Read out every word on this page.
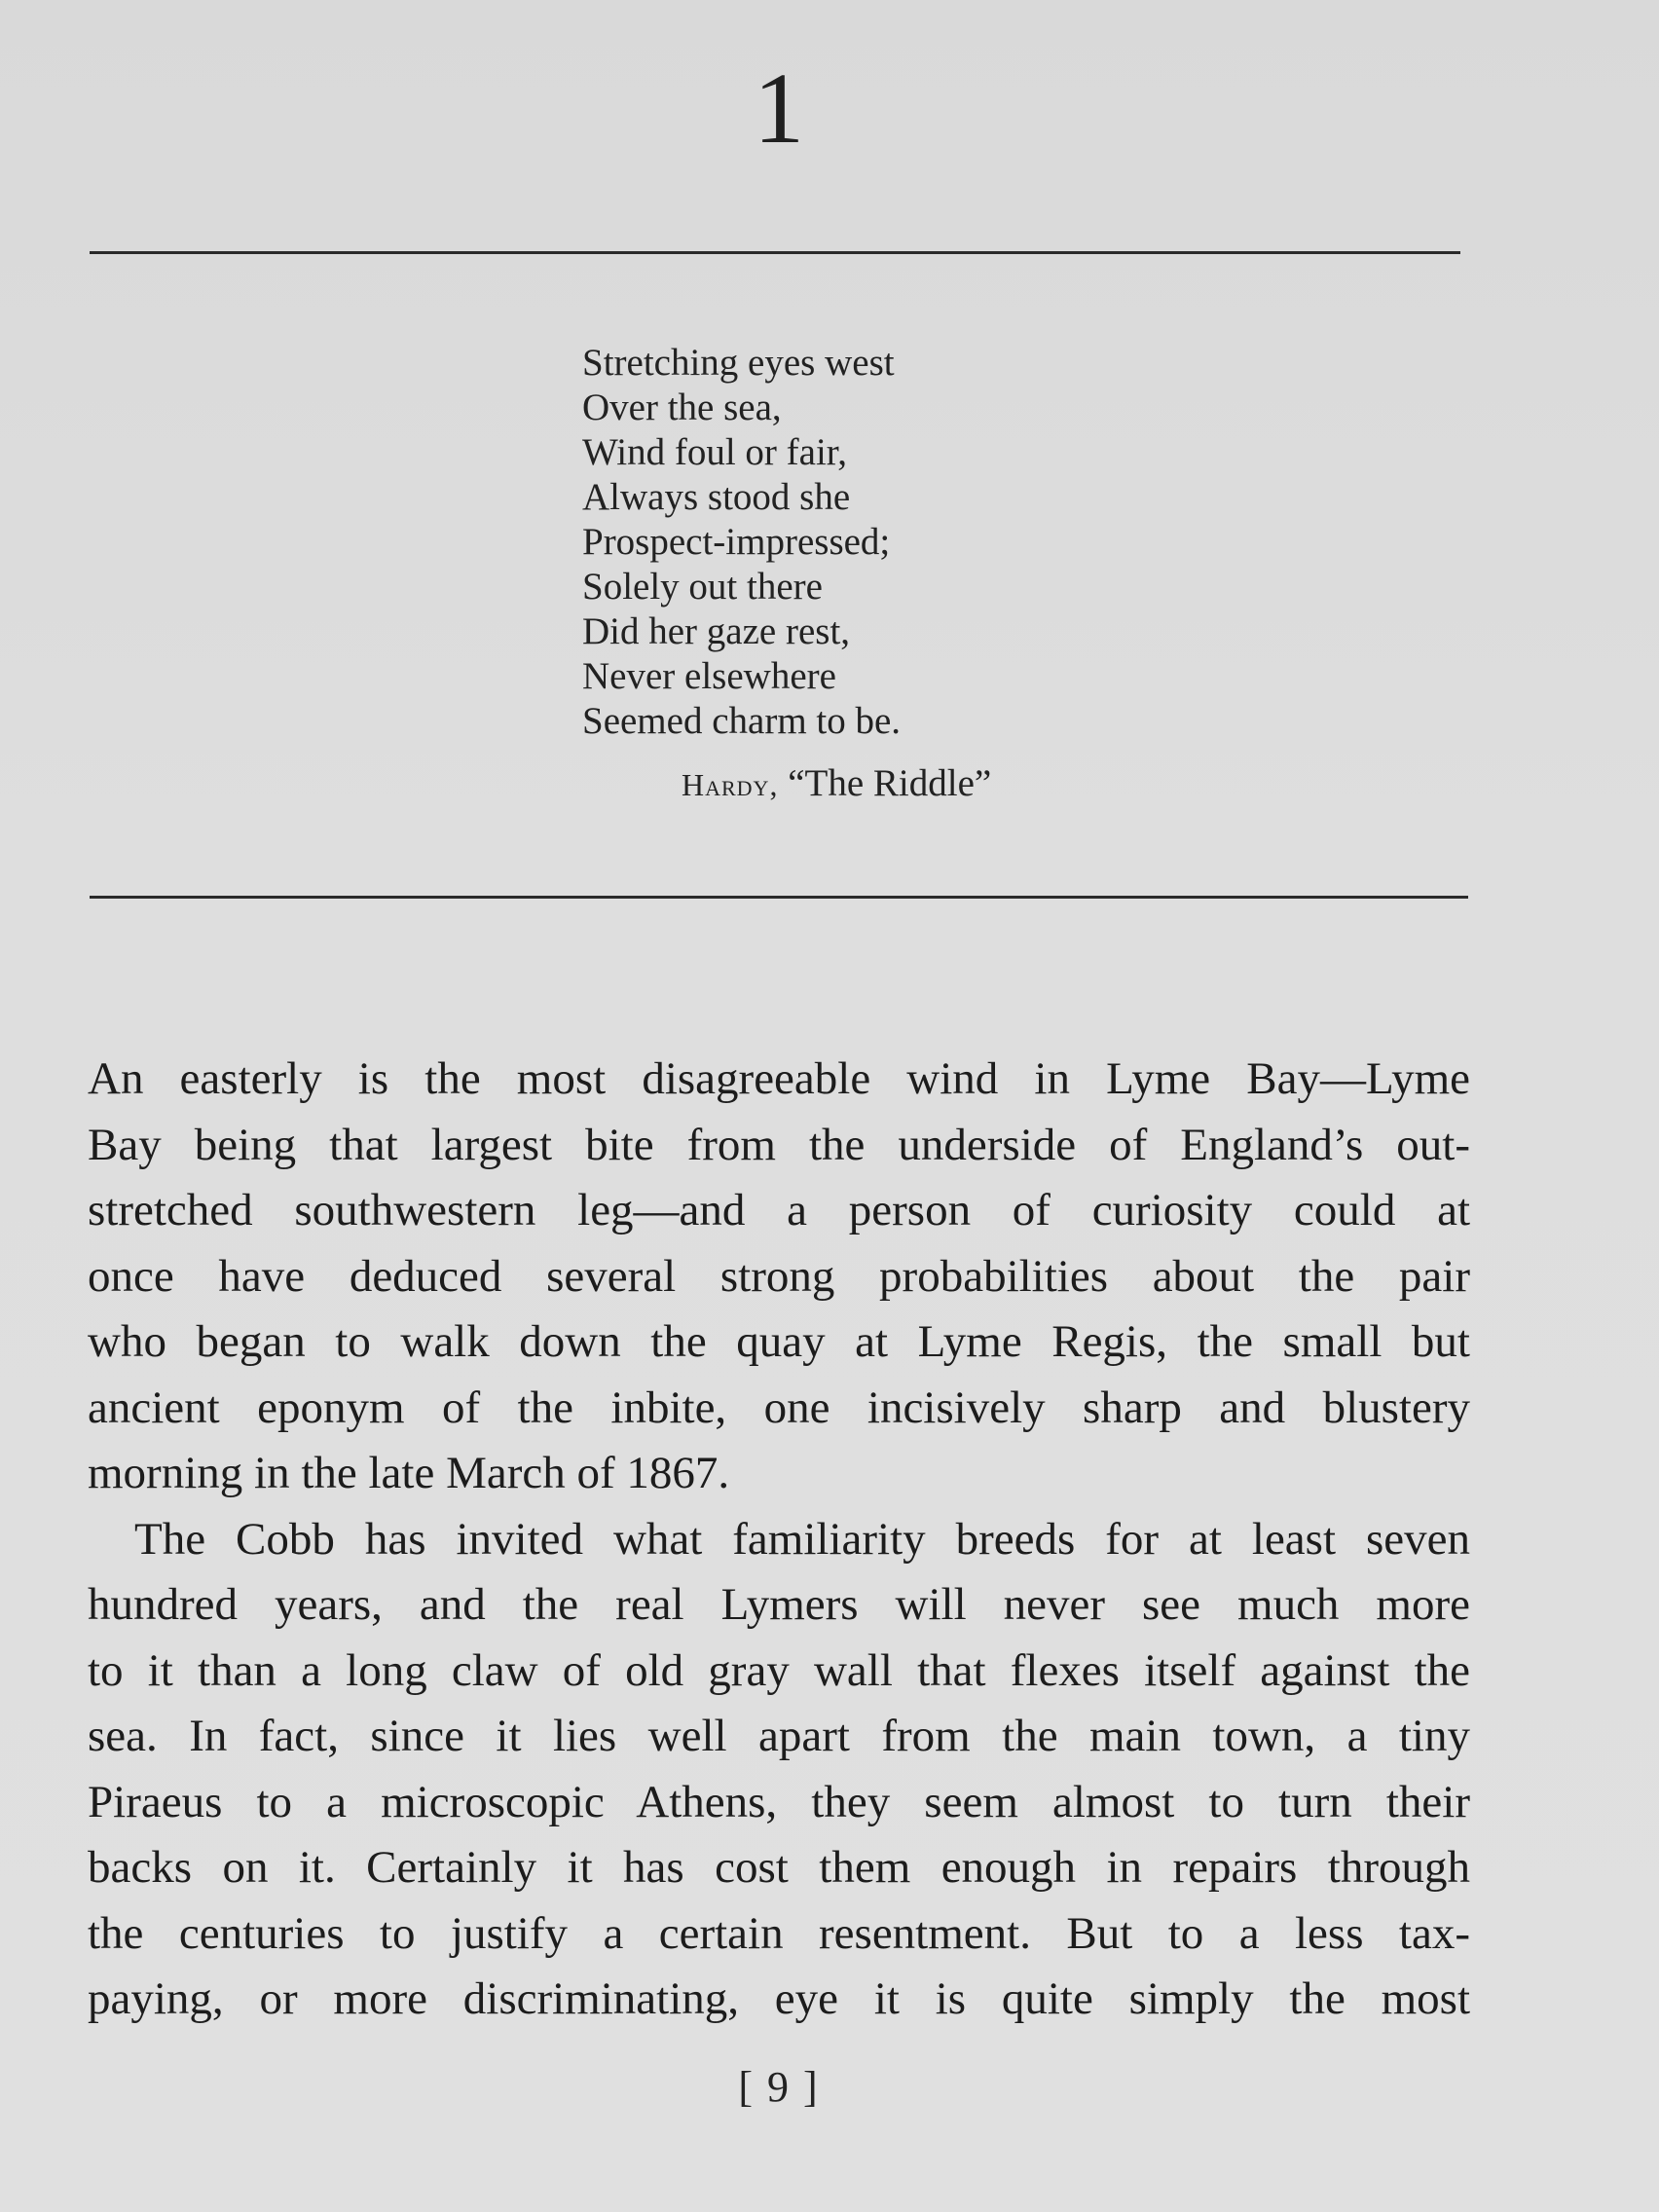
1
Stretching eyes west
Over the sea,
Wind foul or fair,
Always stood she
Prospect-impressed;
Solely out there
Did her gaze rest,
Never elsewhere
Seemed charm to be.
Hardy, “The Riddle”
An easterly is the most disagreeable wind in Lyme Bay—Lyme
Bay being that largest bite from the underside of England’s out-
stretched southwestern leg—and a person of curiosity could at
once have deduced several strong probabilities about the pair
who began to walk down the quay at Lyme Regis, the small but
ancient eponym of the inbite, one incisively sharp and blustery
morning in the late March of 1867.
The Cobb has invited what familiarity breeds for at least seven
hundred years, and the real Lymers will never see much more
to it than a long claw of old gray wall that flexes itself against the
sea. In fact, since it lies well apart from the main town, a tiny
Piraeus to a microscopic Athens, they seem almost to turn their
backs on it. Certainly it has cost them enough in repairs through
the centuries to justify a certain resentment. But to a less tax-
paying, or more discriminating, eye it is quite simply the most
[ 9 ]
